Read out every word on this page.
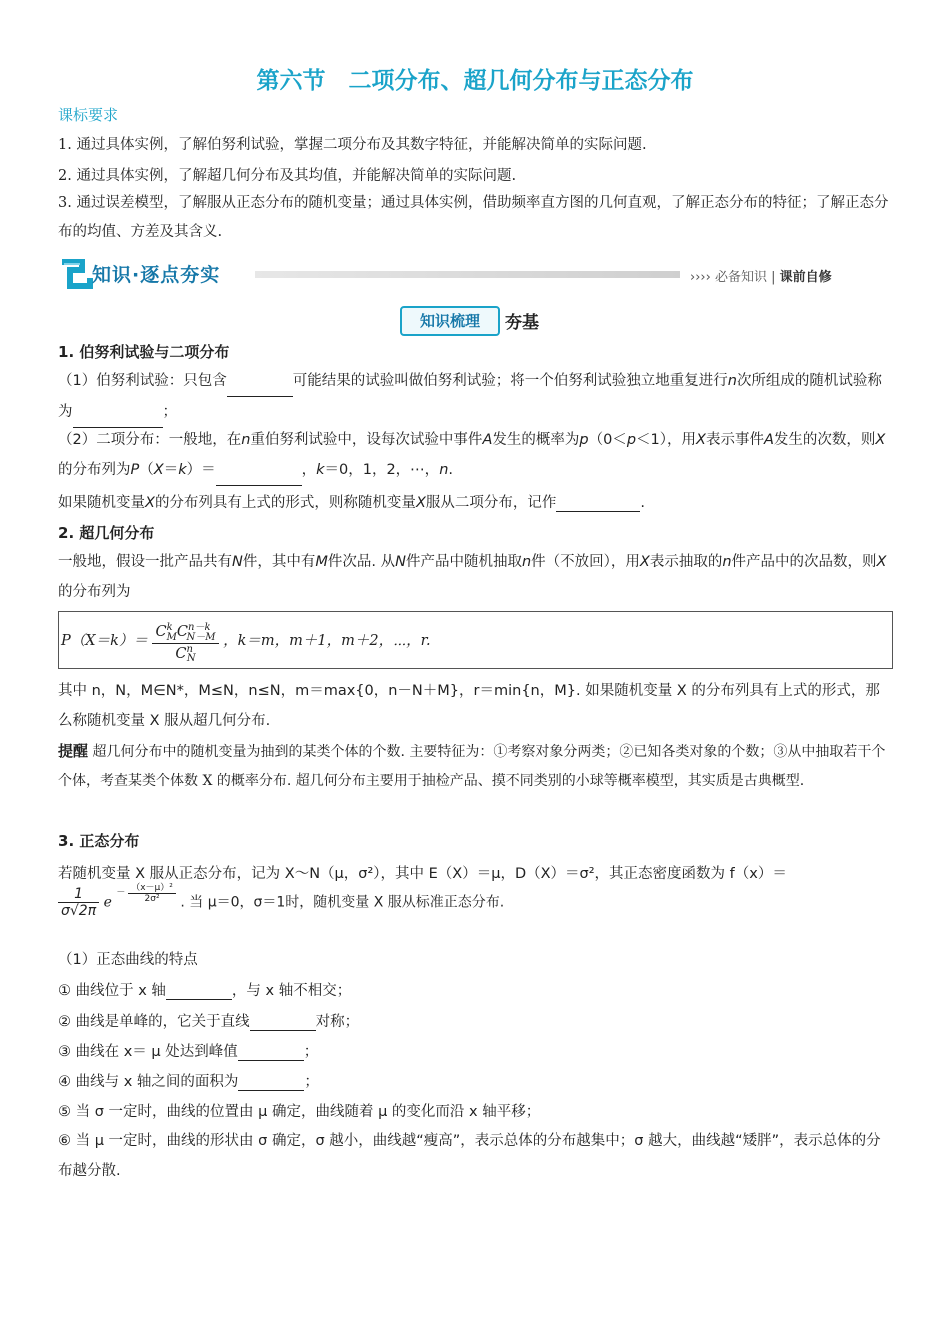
第六节　二项分布、超几何分布与正态分布
课标要求
1. 通过具体实例，了解伯努利试验，掌握二项分布及其数字特征，并能解决简单的实际问题.
2. 通过具体实例，了解超几何分布及其均值，并能解决简单的实际问题.
3. 通过误差模型，了解服从正态分布的随机变量；通过具体实例，借助频率直方图的几何直观，了解正态分布的特征；了解正态分布的均值、方差及其含义.
知识·逐点夯实	›››› 必备知识 | 课前自修
知识梳理	夯基
1. 伯努利试验与二项分布
（1）伯努利试验：只包含	可能结果的试验叫做伯努利试验；将一个伯努利试验独立地重复进行n次所组成的随机试验称为	；
（2）二项分布：一般地，在n重伯努利试验中，设每次试验中事件A发生的概率为p（0＜p＜1），用X表示事件A发生的次数，则X的分布列为P（X＝k）＝	，k＝0，1，2，⋯，n.
如果随机变量X的分布列具有上式的形式，则称随机变量X服从二项分布，记作	.
2. 超几何分布
一般地，假设一批产品共有N件，其中有M件次品. 从N件产品中随机抽取n件（不放回），用X表示抽取的n件产品中的次品数，则X的分布列为
$P(X=k)= \frac{C^k_MC^{n-k}_{N-M}}{C^n_N}$ ，k＝m，m＋1，m＋2，⋯，r.
其中 n，N，M∈N*，M≤N，n≤N，m＝max{0，n－N＋M}，r＝min{n，M}. 如果随机变量 X 的分布列具有上式的形式，那么称随机变量 X 服从超几何分布.
提醒 超几何分布中的随机变量为抽到的某类个体的个数. 主要特征为：①考察对象分两类；②已知各类对象的个数；③从中抽取若干个个体，考查某类个体数 X 的概率分布. 超几何分布主要用于抽检产品、摸不同类别的小球等概率模型，其实质是古典概型.
3. 正态分布
若随机变量 X 服从正态分布，记为 X～N（μ，σ²），其中 E（X）＝μ，D（X）＝σ²，其正态密度函数为 f（x）＝
$\frac{1}{\sigma√2\pi}$ $e - \frac{\text{（x－μ）²}}{\text{2σ²}}$ . 当 μ＝0，σ＝1时，随机变量 X 服从标准正态分布.
（1）正态曲线的特点
① 曲线位于 x 轴	，与 x 轴不相交；
② 曲线是单峰的，它关于直线	对称；
③ 曲线在 x＝ μ 处达到峰值	；
④ 曲线与 x 轴之间的面积为	；
⑤ 当 σ 一定时，曲线的位置由 μ 确定，曲线随着 μ 的变化而沿 x 轴平移；
⑥ 当 μ 一定时，曲线的形状由 σ 确定，σ 越小，曲线越“瘦高”，表示总体的分布越集中；σ 越大，曲线越“矮胖”，表示总体的分布越分散.
